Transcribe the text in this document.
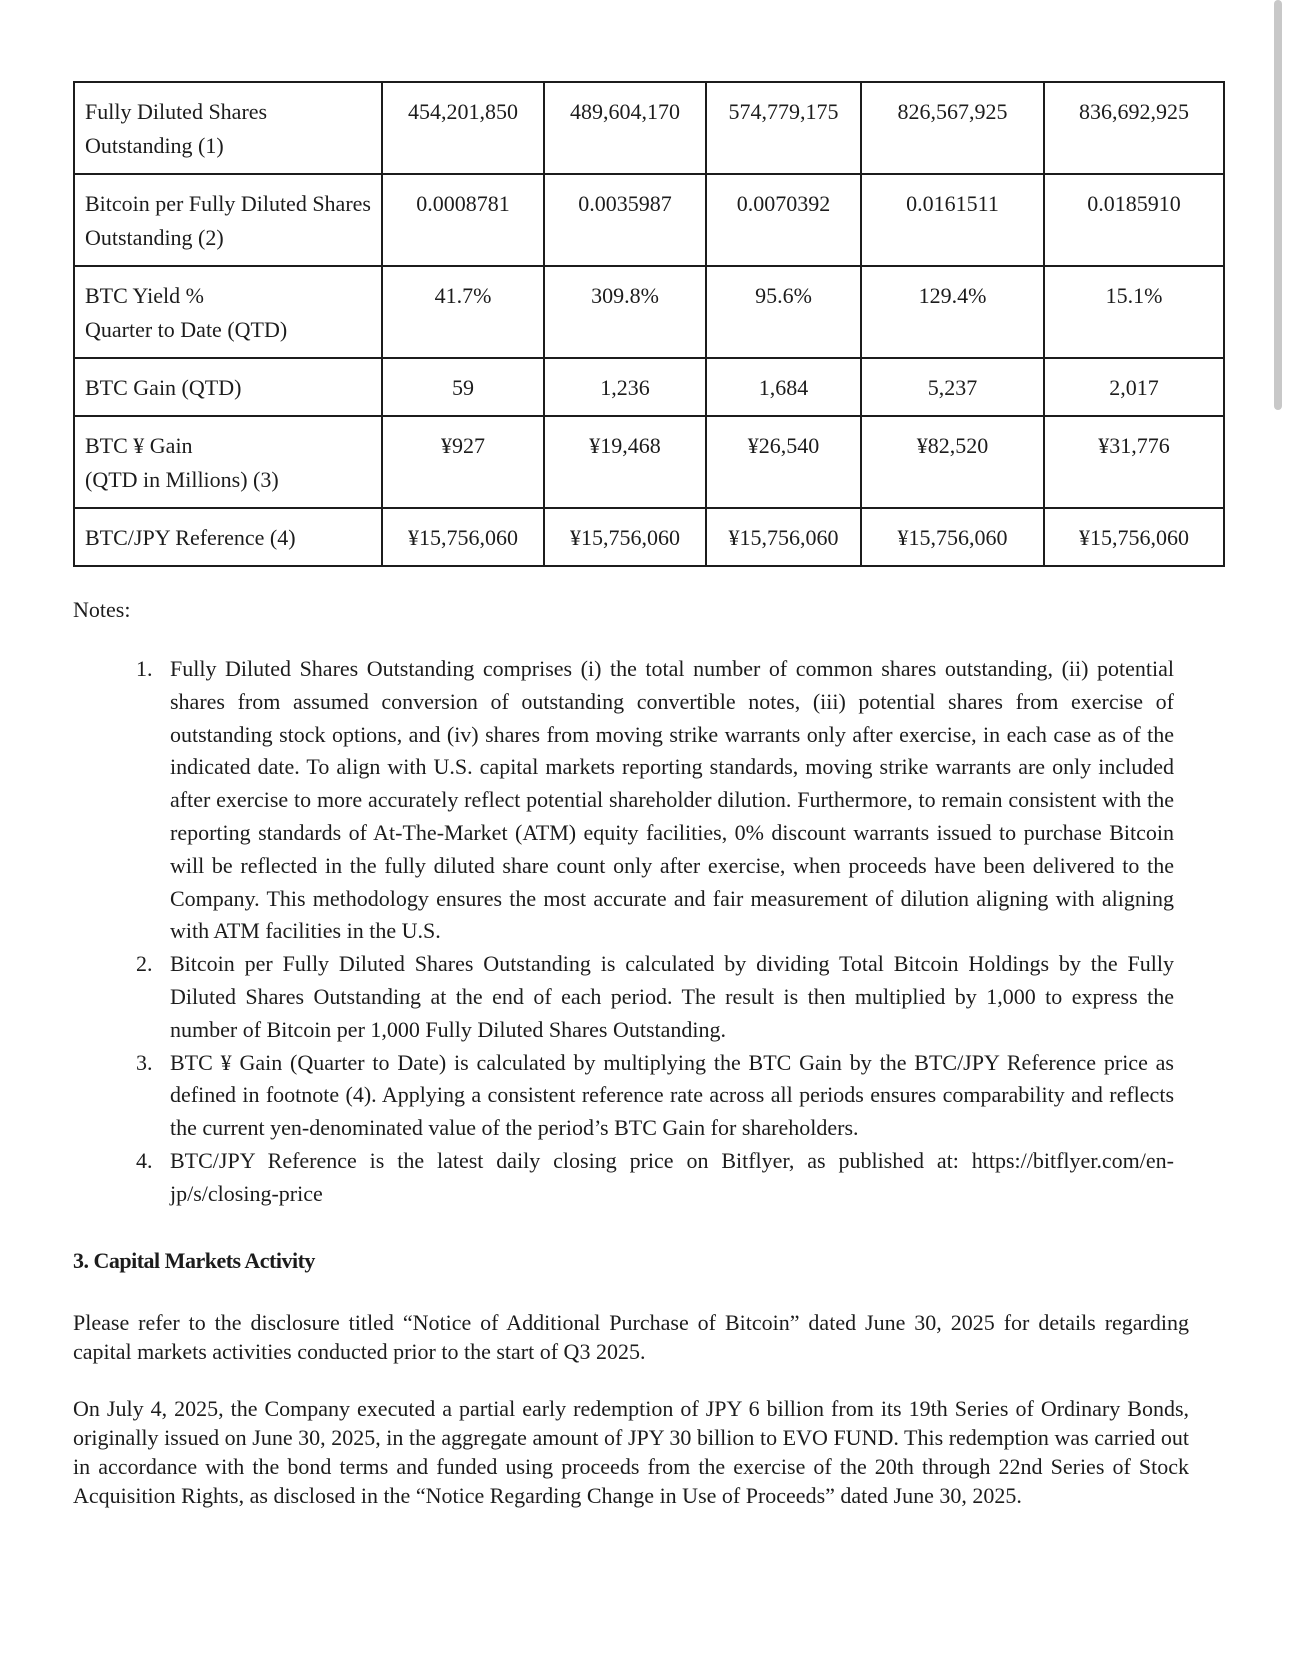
Fully Diluted Shares Outstanding (1)	454,201,850	489,604,170	574,779,175	826,567,925	836,692,925
Bitcoin per Fully Diluted Shares Outstanding (2)	0.0008781	0.0035987	0.0070392	0.0161511	0.0185910

BTC Yield %
Quarter to Date (QTD)	41.7%	309.8%	95.6%	129.4%	15.1%
BTC Gain (QTD)	59	1,236	1,684	5,237	2,017

BTC ¥ Gain
(QTD in Millions) (3)	¥927	¥19,468	¥26,540	¥82,520	¥31,776
BTC/JPY Reference (4)	¥15,756,060	¥15,756,060	¥15,756,060	¥15,756,060	¥15,756,060
Notes:
1. Fully Diluted Shares Outstanding comprises (i) the total number of common shares outstanding, (ii) potential shares from assumed conversion of outstanding convertible notes, (iii) potential shares from exercise of outstanding stock options, and (iv) shares from moving strike warrants only after exercise, in each case as of the indicated date. To align with U.S. capital markets reporting standards, moving strike warrants are only included after exercise to more accurately reflect potential shareholder dilution. Furthermore, to remain consistent with the reporting standards of At-The-Market (ATM) equity facilities, 0% discount warrants issued to purchase Bitcoin will be reflected in the fully diluted share count only after exercise, when proceeds have been delivered to the Company. This methodology ensures the most accurate and fair measurement of dilution aligning with aligning with ATM facilities in the U.S.
2. Bitcoin per Fully Diluted Shares Outstanding is calculated by dividing Total Bitcoin Holdings by the Fully Diluted Shares Outstanding at the end of each period. The result is then multiplied by 1,000 to express the number of Bitcoin per 1,000 Fully Diluted Shares Outstanding.
3. BTC ¥ Gain (Quarter to Date) is calculated by multiplying the BTC Gain by the BTC/JPY Reference price as defined in footnote (4). Applying a consistent reference rate across all periods ensures comparability and reflects the current yen-denominated value of the period’s BTC Gain for shareholders.
4. BTC/JPY Reference is the latest daily closing price on Bitflyer, as published at: https://bitflyer.com/en-jp/s/closing-price
3. Capital Markets Activity
Please refer to the disclosure titled “Notice of Additional Purchase of Bitcoin” dated June 30, 2025 for details regarding capital markets activities conducted prior to the start of Q3 2025.
On July 4, 2025, the Company executed a partial early redemption of JPY 6 billion from its 19th Series of Ordinary Bonds, originally issued on June 30, 2025, in the aggregate amount of JPY 30 billion to EVO FUND. This redemption was carried out in accordance with the bond terms and funded using proceeds from the exercise of the 20th through 22nd Series of Stock Acquisition Rights, as disclosed in the “Notice Regarding Change in Use of Proceeds” dated June 30, 2025.
